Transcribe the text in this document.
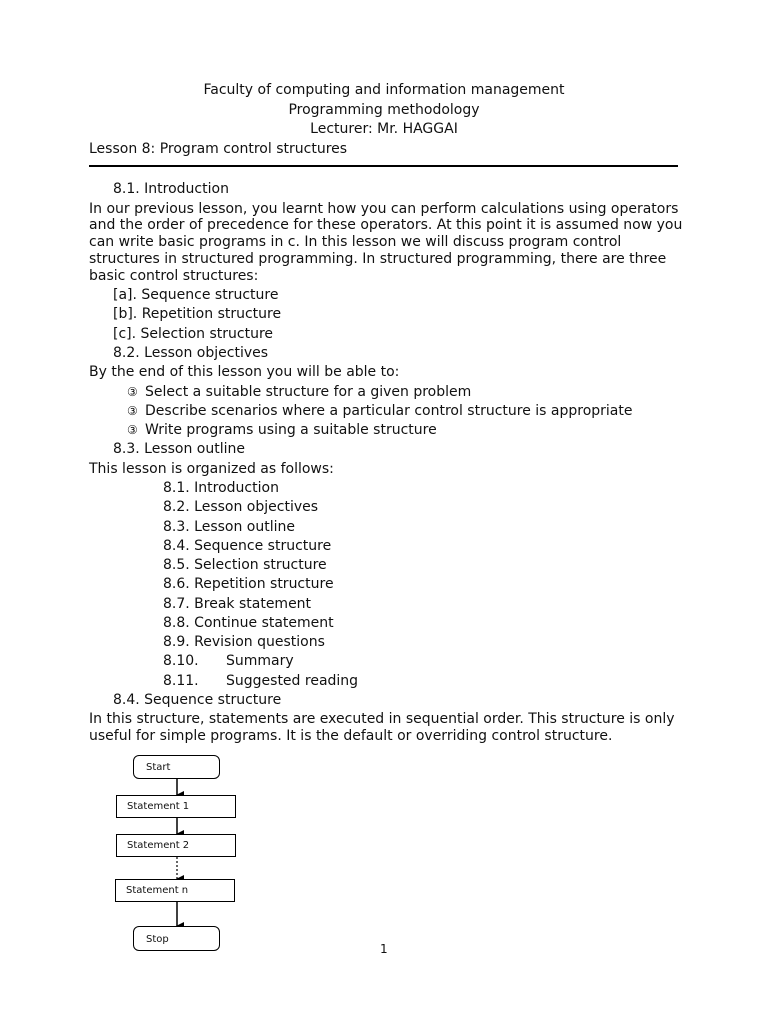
Faculty of computing and information management
Programming methodology
Lecturer: Mr. HAGGAI
Lesson 8: Program control structures
8.1. Introduction
In our previous lesson, you learnt how you can perform calculations using operators
and the order of precedence for these operators. At this point it is assumed now you
can write basic programs in c. In this lesson we will discuss program control
structures in structured programming. In structured programming, there are three
basic control structures:
[a]. Sequence structure
[b]. Repetition structure
[c]. Selection structure
8.2. Lesson objectives
By the end of this lesson you will be able to:
③ Select a suitable structure for a given problem
③ Describe scenarios where a particular control structure is appropriate
③ Write programs using a suitable structure
8.3. Lesson outline
This lesson is organized as follows:
8.1. Introduction
8.2. Lesson objectives
8.3. Lesson outline
8.4. Sequence structure
8.5. Selection structure
8.6. Repetition structure
8.7. Break statement
8.8. Continue statement
8.9. Revision questions
8.10. Summary
8.11. Suggested reading
8.4. Sequence structure
In this structure, statements are executed in sequential order. This structure is only
useful for simple programs. It is the default or overriding control structure.
Start
Statement 1
Statement 2
Statement n
Stop
1
